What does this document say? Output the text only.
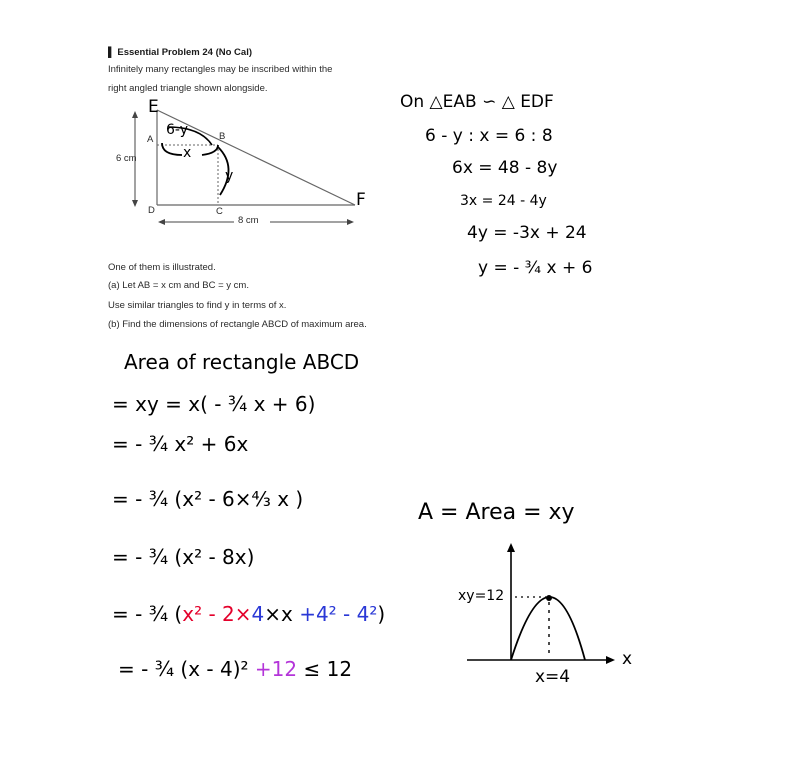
▌ Essential Problem 24 (No Cal)
Infinitely many rectangles may be inscribed within the
right angled triangle shown alongside.
E
A	B
C
D
F
6 cm
8 cm
6-y
x
y
One of them is illustrated.
(a) Let AB = x cm and BC = y cm.
Use similar triangles to find y in terms of x.
(b) Find the dimensions of rectangle ABCD of maximum area.
On △EAB ∽ △ EDF
6 - y : x = 6 : 8
6x = 48 - 8y
3x = 24 - 4y
4y = -3x + 24
y = - ¾ x + 6
Area of rectangle ABCD
= xy = x( - ¾ x + 6)
= - ¾ x² + 6x
= - ¾ (x² - 6×⁴⁄₃ x )
= - ¾ (x² - 8x)
= - ¾ (x² - 2×4×x +4² - 4²)
= - ¾ (x - 4)² +12 ≤ 12
A = Area = xy
xy=12
x
x=4
